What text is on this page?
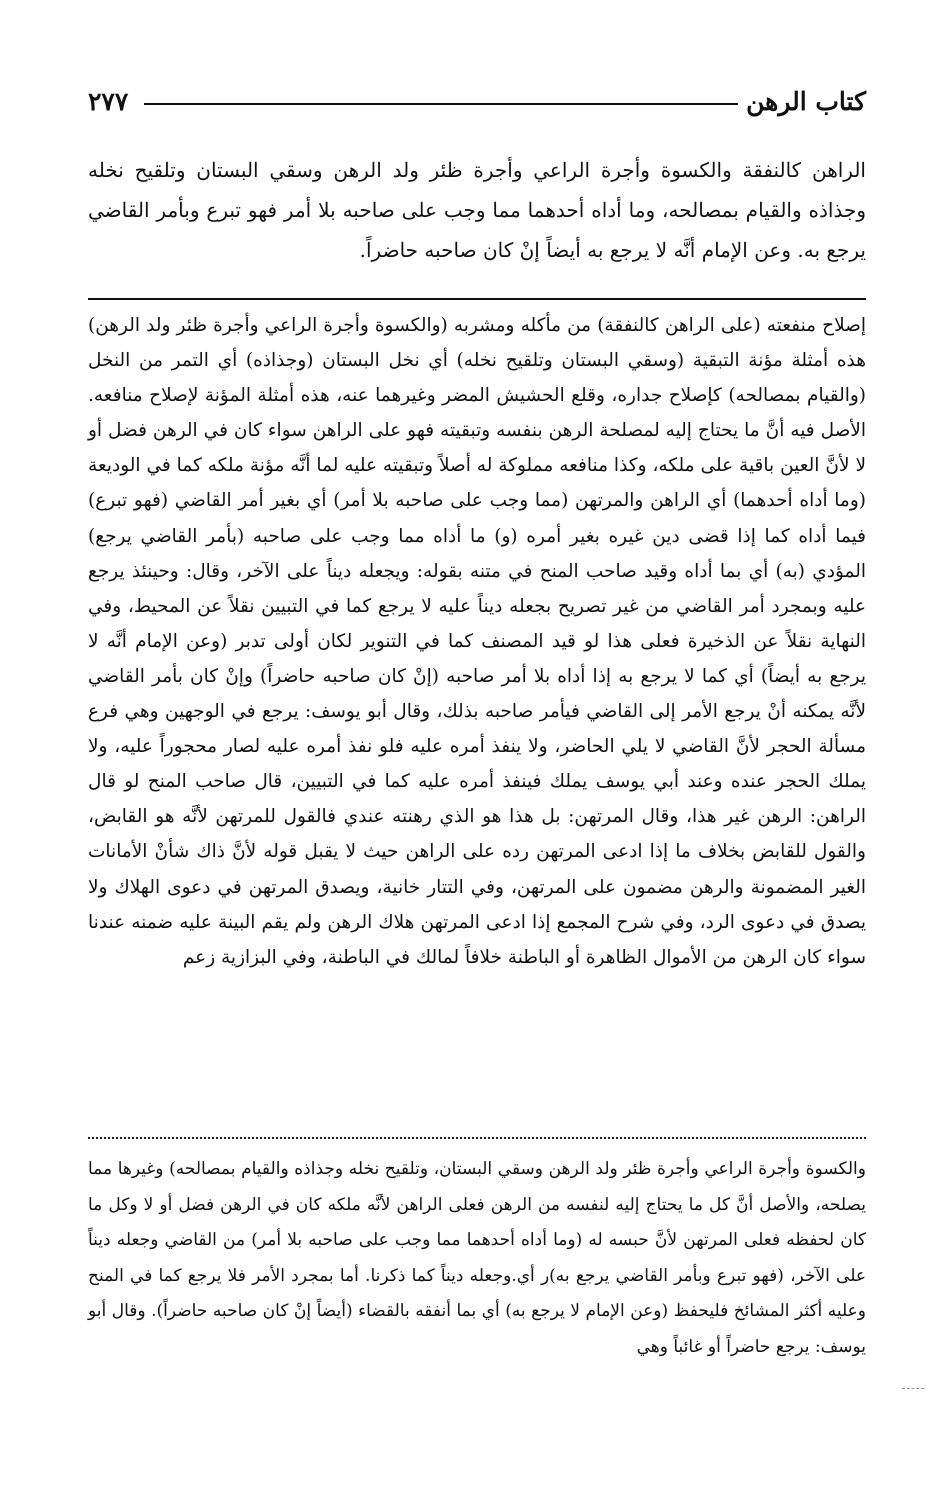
كتاب الرهن
٢٧٧

الراهن كالنفقة والكسوة وأجرة الراعي وأجرة ظئر ولد الرهن وسقي البستان وتلقيح نخله وجذاذه والقيام بمصالحه، وما أداه أحدهما مما وجب على صاحبه بلا أمر فهو تبرع وبأمر القاضي يرجع به. وعن الإمام أنَّه لا يرجع به أيضاً إنْ كان صاحبه حاضراً.

إصلاح منفعته (على الراهن كالنفقة) من مأكله ومشربه (والكسوة وأجرة الراعي وأجرة ظئر ولد الرهن) هذه أمثلة مؤنة التبقية (وسقي البستان وتلقيح نخله) أي نخل البستان (وجذاذه) أي التمر من النخل (والقيام بمصالحه) كإصلاح جداره، وقلع الحشيش المضر وغيرهما عنه، هذه أمثلة المؤنة لإصلاح منافعه. الأصل فيه أنَّ ما يحتاج إليه لمصلحة الرهن بنفسه وتبقيته فهو على الراهن سواء كان في الرهن فضل أو لا لأنَّ العين باقية على ملكه، وكذا منافعه مملوكة له أصلاً وتبقيته عليه لما أنَّه مؤنة ملكه كما في الوديعة (وما أداه أحدهما) أي الراهن والمرتهن (مما وجب على صاحبه بلا أمر) أي بغير أمر القاضي (فهو تبرع) فيما أداه كما إذا قضى دين غيره بغير أمره (و) ما أداه مما وجب على صاحبه (بأمر القاضي يرجع) المؤدي (به) أي بما أداه وقيد صاحب المنح في متنه بقوله: ويجعله ديناً على الآخر، وقال: وحينئذ يرجع عليه وبمجرد أمر القاضي من غير تصريح بجعله ديناً عليه لا يرجع كما في التبيين نقلاً عن المحيط، وفي النهاية نقلاً عن الذخيرة فعلى هذا لو قيد المصنف كما في التنوير لكان أولى تدبر (وعن الإمام أنَّه لا يرجع به أيضاً) أي كما لا يرجع به إذا أداه بلا أمر صاحبه (إنْ كان صاحبه حاضراً) وإنْ كان بأمر القاضي لأنَّه يمكنه أنْ يرجع الأمر إلى القاضي فيأمر صاحبه بذلك، وقال أبو يوسف: يرجع في الوجهين وهي فرع مسألة الحجر لأنَّ القاضي لا يلي الحاضر، ولا ينفذ أمره عليه فلو نفذ أمره عليه لصار محجوراً عليه، ولا يملك الحجر عنده وعند أبي يوسف يملك فينفذ أمره عليه كما في التبيين، قال صاحب المنح لو قال الراهن: الرهن غير هذا، وقال المرتهن: بل هذا هو الذي رهنته عندي فالقول للمرتهن لأنَّه هو القابض، والقول للقابض بخلاف ما إذا ادعى المرتهن رده على الراهن حيث لا يقبل قوله لأنَّ ذاك شأنْ الأمانات الغير المضمونة والرهن مضمون على المرتهن، وفي التتار خانية، ويصدق المرتهن في دعوى الهلاك ولا يصدق في دعوى الرد، وفي شرح المجمع إذا ادعى المرتهن هلاك الرهن ولم يقم البينة عليه ضمنه عندنا سواء كان الرهن من الأموال الظاهرة أو الباطنة خلافاً لمالك في الباطنة، وفي البزازية زعم

والكسوة وأجرة الراعي وأجرة ظئر ولد الرهن وسقي البستان، وتلقيح نخله وجذاذه والقيام بمصالحه) وغيرها مما يصلحه، والأصل أنَّ كل ما يحتاج إليه لنفسه من الرهن فعلى الراهن لأنَّه ملكه كان في الرهن فضل أو لا وكل ما كان لحفظه فعلى المرتهن لأنَّ حبسه له (وما أداه أحدهما مما وجب على صاحبه بلا أمر) من القاضي وجعله ديناً على الآخر، (فهو تبرع وبأمر القاضي يرجع به)ر أي.وجعله ديناً كما ذكرنا. أما بمجرد الأمر فلا يرجع كما في المنح وعليه أكثر المشائخ فليحفظ (وعن الإمام لا يرجع به) أي بما أنفقه بالقضاء (أيضاً إنْ كان صاحبه حاضراً). وقال أبو يوسف: يرجع حاضراً أو غائباً وهي
